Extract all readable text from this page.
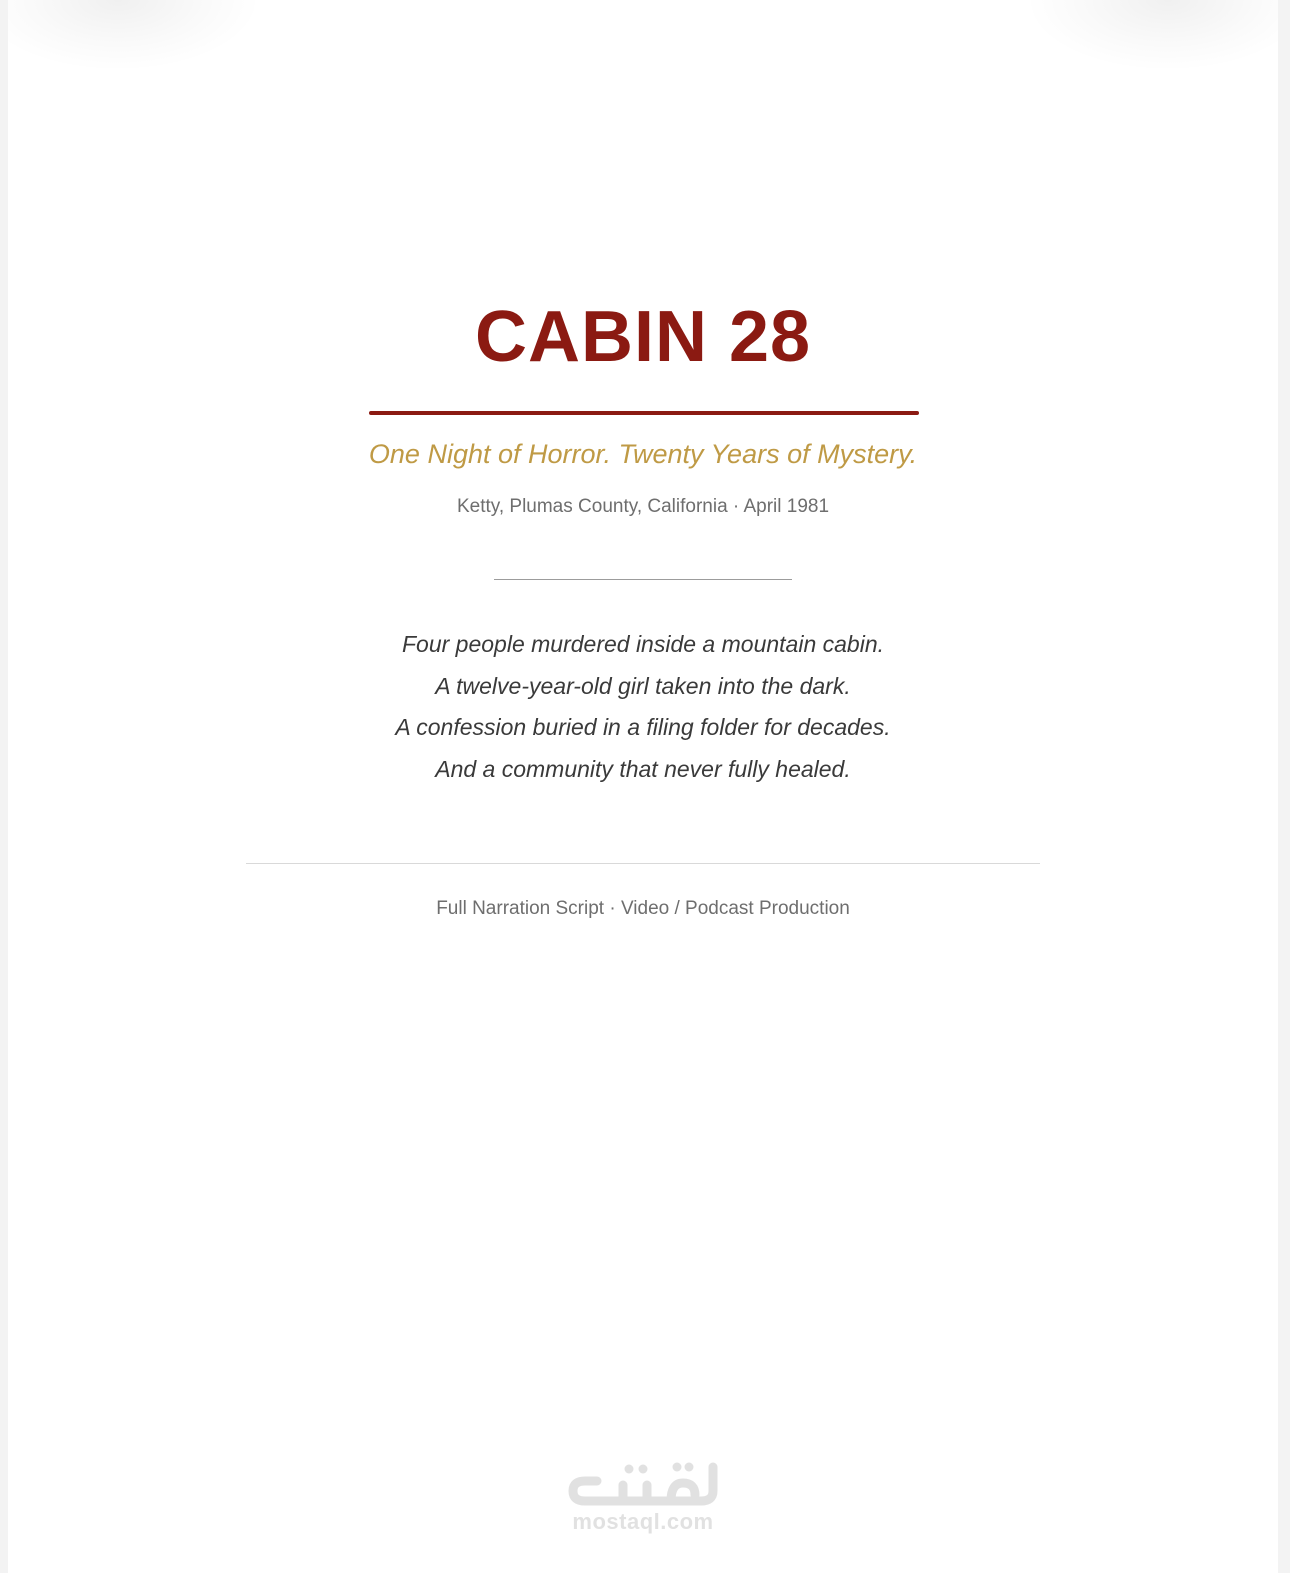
CABIN 28
One Night of Horror. Twenty Years of Mystery.
Ketty, Plumas County, California · April 1981
Four people murdered inside a mountain cabin.
A twelve-year-old girl taken into the dark.
A confession buried in a filing folder for decades.
And a community that never fully healed.
Full Narration Script · Video / Podcast Production
mostaql.com
